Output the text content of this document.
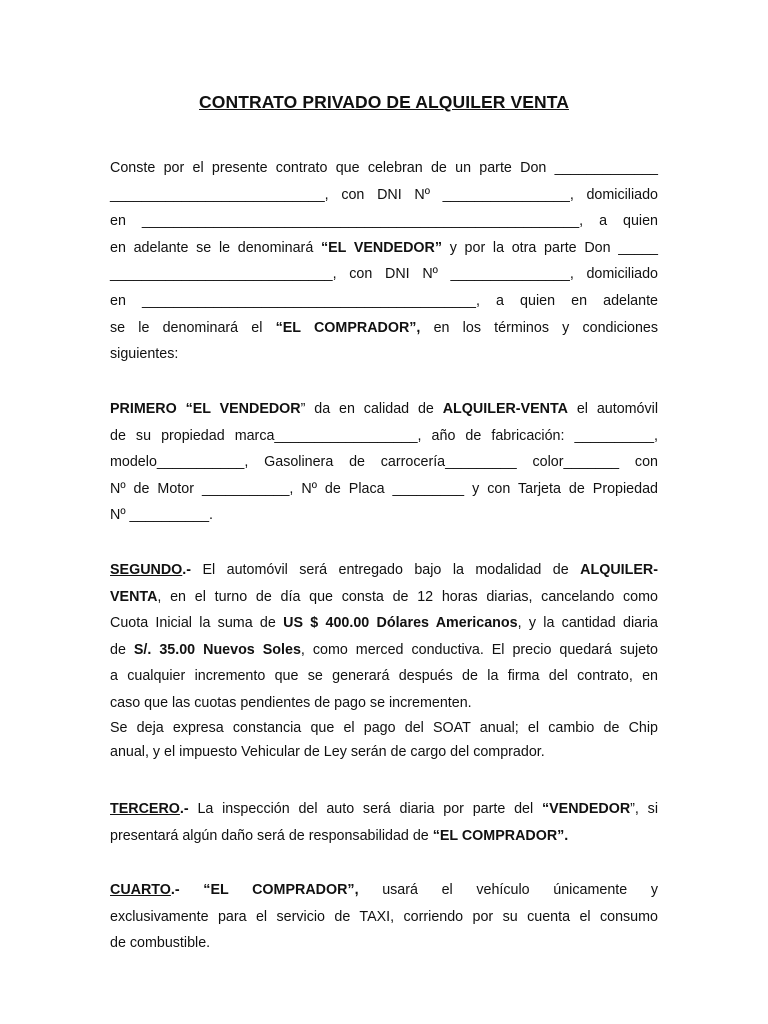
CONTRATO PRIVADO DE ALQUILER VENTA
Conste por el presente contrato que celebran de un parte Don _____________
___________________________, con DNI Nº ________________, domiciliado
en _______________________________________________________, a quien
en adelante se le denominará “EL VENDEDOR” y por la otra parte Don _____
____________________________, con DNI Nº _______________, domiciliado
en __________________________________________, a quien en adelante
se le denominará el “EL COMPRADOR”, en los términos y condiciones
siguientes:
PRIMERO “EL VENDEDOR” da en calidad de ALQUILER-VENTA el automóvil
de su propiedad marca__________________, año de fabricación: __________,
modelo___________, Gasolinera de carrocería_________ color_______ con
Nº de Motor ___________, Nº de Placa _________ y con Tarjeta de Propiedad
Nº __________.
SEGUNDO.- El automóvil será entregado bajo la modalidad de ALQUILER-
VENTA, en el turno de día que consta de 12 horas diarias, cancelando como
Cuota Inicial la suma de US $ 400.00 Dólares Americanos, y la cantidad diaria
de S/. 35.00 Nuevos Soles, como merced conductiva. El precio quedará sujeto
a cualquier incremento que se generará después de la firma del contrato, en
caso que las cuotas pendientes de pago se incrementen.
Se deja expresa constancia que el pago del SOAT anual; el cambio de Chip
anual, y el impuesto Vehicular de Ley serán de cargo del comprador.
TERCERO.- La inspección del auto será diaria por parte del “VENDEDOR”, si
presentará algún daño será de responsabilidad de “EL COMPRADOR”.
CUARTO.- “EL COMPRADOR”, usará el vehículo únicamente y
exclusivamente para el servicio de TAXI, corriendo por su cuenta el consumo
de combustible.
